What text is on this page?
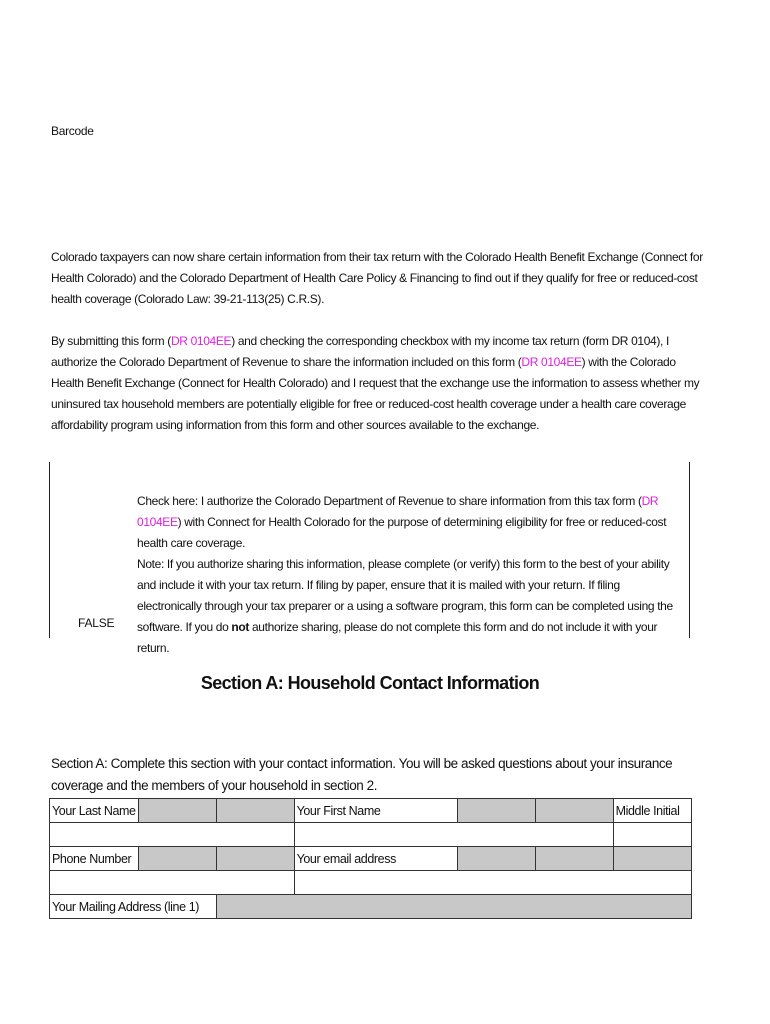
Barcode
Colorado taxpayers can now share certain information from their tax return with the Colorado Health Benefit Exchange (Connect for Health Colorado) and the Colorado Department of Health Care Policy & Financing to find out if they qualify for free or reduced-cost health coverage (Colorado Law: 39-21-113(25) C.R.S).
By submitting this form (DR 0104EE) and checking the corresponding checkbox with my income tax return (form DR 0104), I authorize the Colorado Department of Revenue to share the information included on this form (DR 0104EE) with the Colorado Health Benefit Exchange (Connect for Health Colorado) and I request that the exchange use the information to assess whether my uninsured tax household members are potentially eligible for free or reduced-cost health coverage under a health care coverage affordability program using information from this form and other sources available to the exchange.
Check here: I authorize the Colorado Department of Revenue to share information from this tax form (DR 0104EE) with Connect for Health Colorado for the purpose of determining eligibility for free or reduced-cost health care coverage.
Note: If you authorize sharing this information, please complete (or verify) this form to the best of your ability and include it with your tax return. If filing by paper, ensure that it is mailed with your return. If filing electronically through your tax preparer or a using a software program, this form can be completed using the software. If you do not authorize sharing, please do not complete this form and do not include it with your return.
FALSE
Section A: Household Contact Information
Section A: Complete this section with your contact information. You will be asked questions about your insurance coverage and the members of your household in section 2.
Your Last Name			Your First Name			Middle Initial

Phone Number			Your email address			

Your Mailing Address (line 1)						
